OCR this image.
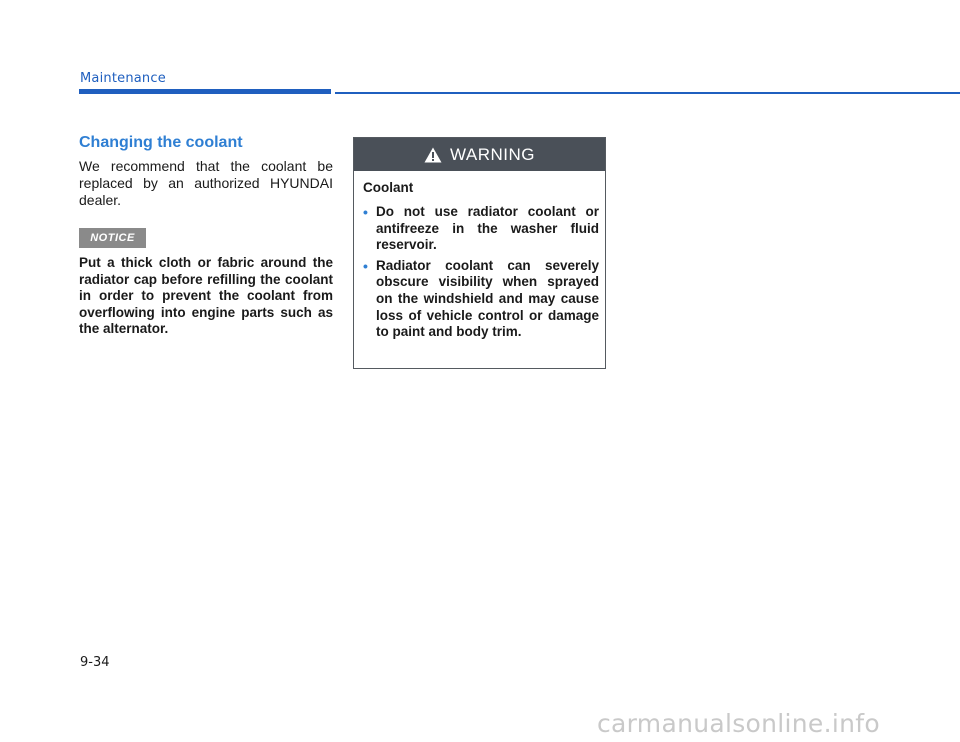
Maintenance
Changing the coolant

We recommend that the coolant be replaced by an authorized HYUNDAI dealer.

NOTICE

Put a thick cloth or fabric around the radiator cap before refilling the coolant in order to prevent the coolant from overflowing into engine parts such as the alternator.

WARNING
Coolant
• Do not use radiator coolant or antifreeze in the washer fluid reservoir.
• Radiator coolant can severely obscure visibility when sprayed on the windshield and may cause loss of vehicle control or damage to paint and body trim.
9-34
carmanualsonline.info
